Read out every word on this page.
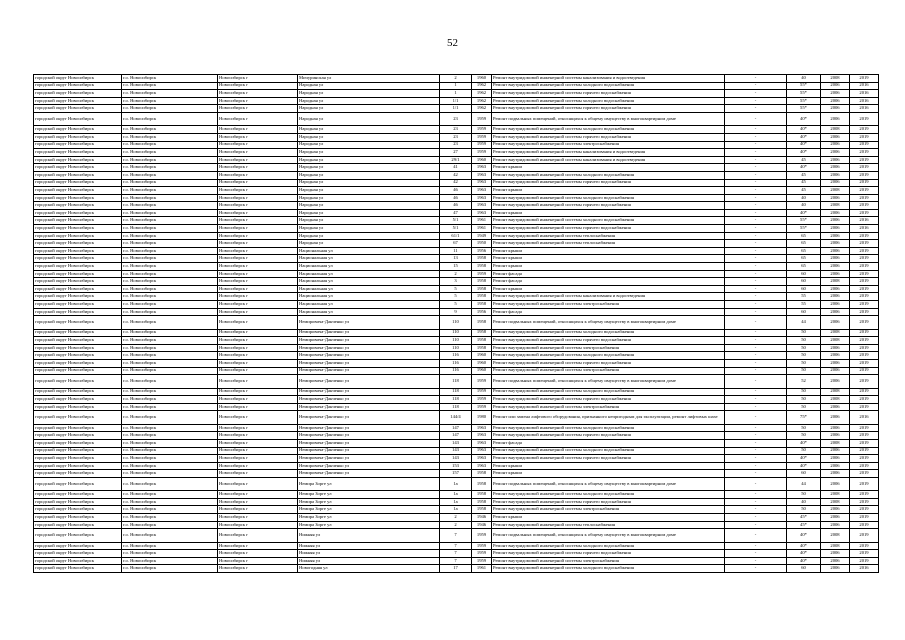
52
городской округ Новосибирск	г.о. Новосибирск	Новосибирск г	Мичуринская ул	2	1960	Ремонт внутридомовой инженерной системы канализования и водоотведения	-	40	2008	2019
городской округ Новосибирск	г.о. Новосибирск	Новосибирск г	Народная ул	1	1962	Ремонт внутридомовой инженерной системы холодного водоснабжения	-	55*	2006	2016
городской округ Новосибирск	г.о. Новосибирск	Новосибирск г	Народная ул	1	1962	Ремонт внутридомовой инженерной системы горячего водоснабжения	-	55*	2006	2016
городской округ Новосибирск	г.о. Новосибирск	Новосибирск г	Народная ул	1/1	1962	Ремонт внутридомовой инженерной системы холодного водоснабжения	-	55*	2006	2016
городской округ Новосибирск	г.о. Новосибирск	Новосибирск г	Народная ул	1/1	1962	Ремонт внутридомовой инженерной системы горячего водоснабжения	-	55*	2006	2016
городской округ Новосибирск	г.о. Новосибирск	Новосибирск г	Народная ул	23	1959	Ремонт подвальных помещений, относящихся к общему имуществу в многоквартирном доме	-	40*	2006	2019
городской округ Новосибирск	г.о. Новосибирск	Новосибирск г	Народная ул	23	1959	Ремонт внутридомовой инженерной системы холодного водоснабжения	-	40*	2008	2019
городской округ Новосибирск	г.о. Новосибирск	Новосибирск г	Народная ул	23	1959	Ремонт внутридомовой инженерной системы горячего водоснабжения	-	40*	2006	2019
городской округ Новосибирск	г.о. Новосибирск	Новосибирск г	Народная ул	23	1959	Ремонт внутридомовой инженерной системы электроснабжения	-	40*	2006	2019
городской округ Новосибирск	г.о. Новосибирск	Новосибирск г	Народная ул	27	1959	Ремонт внутридомовой инженерной системы канализования и водоотведения	-	40*	2006	2019
городской округ Новосибирск	г.о. Новосибирск	Новосибирск г	Народная ул	29/1	1960	Ремонт внутридомовой инженерной системы канализования и водоотведения	-	45	2006	2019
городской округ Новосибирск	г.о. Новосибирск	Новосибирск г	Народная ул	41	1963	Ремонт крыши	-	40*	2006	2019
городской округ Новосибирск	г.о. Новосибирск	Новосибирск г	Народная ул	42	1963	Ремонт внутридомовой инженерной системы холодного водоснабжения	-	45	2006	2019
городской округ Новосибирск	г.о. Новосибирск	Новосибирск г	Народная ул	42	1963	Ремонт внутридомовой инженерной системы горячего водоснабжения	-	45	2006	2019
городской округ Новосибирск	г.о. Новосибирск	Новосибирск г	Народная ул	46	1963	Ремонт крыши	-	45	2008	2019
городской округ Новосибирск	г.о. Новосибирск	Новосибирск г	Народная ул	46	1963	Ремонт внутридомовой инженерной системы холодного водоснабжения	-	40	2006	2019
городской округ Новосибирск	г.о. Новосибирск	Новосибирск г	Народная ул	46	1963	Ремонт внутридомовой инженерной системы горячего водоснабжения	-	40	2008	2019
городской округ Новосибирск	г.о. Новосибирск	Новосибирск г	Народная ул	47	1963	Ремонт крыши	-	40*	2006	2019
городской округ Новосибирск	г.о. Новосибирск	Новосибирск г	Народная ул	5/1	1961	Ремонт внутридомовой инженерной системы холодного водоснабжения	-	55*	2006	2016
городской округ Новосибирск	г.о. Новосибирск	Новосибирск г	Народная ул	5/1	1961	Ремонт внутридомовой инженерной системы горячего водоснабжения	-	55*	2006	2016
городской округ Новосибирск	г.о. Новосибирск	Новосибирск г	Народная ул	61/1	1949	Ремонт внутридомовой инженерной системы теплоснабжения	-	65	2006	2019
городской округ Новосибирск	г.о. Новосибирск	Новосибирск г	Народная ул	67	1950	Ремонт внутридомовой инженерной системы теплоснабжения	-	65	2006	2019
городской округ Новосибирск	г.о. Новосибирск	Новосибирск г	Национальная ул	11	1956	Ремонт крыши	-	65	2006	2019
городской округ Новосибирск	г.о. Новосибирск	Новосибирск г	Национальная ул	13	1958	Ремонт крыши	-	65	2006	2019
городской округ Новосибирск	г.о. Новосибирск	Новосибирск г	Национальная ул	15	1958	Ремонт крыши	-	65	2006	2019
городской округ Новосибирск	г.о. Новосибирск	Новосибирск г	Национальная ул	2	1959	Ремонт фасада	-	60	2006	2019
городской округ Новосибирск	г.о. Новосибирск	Новосибирск г	Национальная ул	3	1958	Ремонт фасада	-	60	2008	2019
городской округ Новосибирск	г.о. Новосибирск	Новосибирск г	Национальная ул	5	1958	Ремонт крыши	-	60	2006	2019
городской округ Новосибирск	г.о. Новосибирск	Новосибирск г	Национальная ул	5	1958	Ремонт внутридомовой инженерной системы канализования и водоотведения	-	55	2006	2019
городской округ Новосибирск	г.о. Новосибирск	Новосибирск г	Национальная ул	5	1958	Ремонт внутридомовой инженерной системы электроснабжения	-	55	2006	2019
городской округ Новосибирск	г.о. Новосибирск	Новосибирск г	Национальная ул	9	1956	Ремонт фасада	-	60	2006	2019
городской округ Новосибирск	г.о. Новосибирск	Новосибирск г	Немировича-Данченко ул	110	1958	Ремонт подвальных помещений, относящихся к общему имуществу в многоквартирном доме	-	44	2006	2019
городской округ Новосибирск	г.о. Новосибирск	Новосибирск г	Немировича-Данченко ул	110	1958	Ремонт внутридомовой инженерной системы холодного водоснабжения	-	50	2008	2019
городской округ Новосибирск	г.о. Новосибирск	Новосибирск г	Немировича-Данченко ул	110	1958	Ремонт внутридомовой инженерной системы горячего водоснабжения	-	50	2008	2019
городской округ Новосибирск	г.о. Новосибирск	Новосибирск г	Немировича-Данченко ул	110	1958	Ремонт внутридомовой инженерной системы электроснабжения	-	50	2006	2019
городской округ Новосибирск	г.о. Новосибирск	Новосибирск г	Немировича-Данченко ул	116	1960	Ремонт внутридомовой инженерной системы холодного водоснабжения	-	50	2006	2019
городской округ Новосибирск	г.о. Новосибирск	Новосибирск г	Немировича-Данченко ул	116	1960	Ремонт внутридомовой инженерной системы горячего водоснабжения	-	50	2006	2019
городской округ Новосибирск	г.о. Новосибирск	Новосибирск г	Немировича-Данченко ул	116	1960	Ремонт внутридомовой инженерной системы электроснабжения	-	50	2006	2019
городской округ Новосибирск	г.о. Новосибирск	Новосибирск г	Немировича-Данченко ул	118	1959	Ремонт подвальных помещений, относящихся к общему имуществу в многоквартирном доме	-	52	2006	2019
городской округ Новосибирск	г.о. Новосибирск	Новосибирск г	Немировича-Данченко ул	118	1959	Ремонт внутридомовой инженерной системы холодного водоснабжения	-	50	2008	2019
городской округ Новосибирск	г.о. Новосибирск	Новосибирск г	Немировича-Данченко ул	118	1959	Ремонт внутридомовой инженерной системы горячего водоснабжения	-	50	2008	2019
городской округ Новосибирск	г.о. Новосибирск	Новосибирск г	Немировича-Данченко ул	118	1959	Ремонт внутридомовой инженерной системы электроснабжения	-	50	2006	2019
городской округ Новосибирск	г.о. Новосибирск	Новосибирск г	Немировича-Данченко ул	144/4	1980	Ремонт или замена лифтового оборудования, признанного непригодным для эксплуатации, ремонт лифтовых шахт	-	75*	2006	2016
городской округ Новосибирск	г.о. Новосибирск	Новосибирск г	Немировича-Данченко ул	147	1963	Ремонт внутридомовой инженерной системы холодного водоснабжения	-	50	2006	2019
городской округ Новосибирск	г.о. Новосибирск	Новосибирск г	Немировича-Данченко ул	147	1963	Ремонт внутридомовой инженерной системы горячего водоснабжения	-	50	2006	2019
городской округ Новосибирск	г.о. Новосибирск	Новосибирск г	Немировича-Данченко ул	143	1963	Ремонт фасада	-	40*	2008	2019
городской округ Новосибирск	г.о. Новосибирск	Новосибирск г	Немировича-Данченко ул	143	1963	Ремонт внутридомовой инженерной системы холодного водоснабжения	-	50	2006	2019
городской округ Новосибирск	г.о. Новосибирск	Новосибирск г	Немировича-Данченко ул	143	1963	Ремонт внутридомовой инженерной системы горячего водоснабжения	-	40*	2006	2019
городской округ Новосибирск	г.о. Новосибирск	Новосибирск г	Немировича-Данченко ул	153	1963	Ремонт крыши	-	40*	2006	2019
городской округ Новосибирск	г.о. Новосибирск	Новосибирск г	Немировича-Данченко ул	157	1958	Ремонт крыши	-	60	2006	2019
городской округ Новосибирск	г.о. Новосибирск	Новосибирск г	Немира Зорге ул	1а	1958	Ремонт подвальных помещений, относящихся к общему имуществу в многоквартирном доме	-	44	2006	2019
городской округ Новосибирск	г.о. Новосибирск	Новосибирск г	Немира Зорге ул	1а	1958	Ремонт внутридомовой инженерной системы холодного водоснабжения	-	50	2008	2019
городской округ Новосибирск	г.о. Новосибирск	Новосибирск г	Немира Зорге ул	1а	1958	Ремонт внутридомовой инженерной системы горячего водоснабжения	-	40	2008	2019
городской округ Новосибирск	г.о. Новосибирск	Новосибирск г	Немира Зорге ул	1а	1958	Ремонт внутридомовой инженерной системы электроснабжения	-	50	2006	2019
городской округ Новосибирск	г.о. Новосибирск	Новосибирск г	Немира Зорге ул	2	1946	Ремонт крыши	-	45*	2006	2019
городской округ Новосибирск	г.о. Новосибирск	Новосибирск г	Немира Зорге ул	2	1946	Ремонт внутридомовой инженерной системы теплоснабжения	-	45*	2006	2019
городской округ Новосибирск	г.о. Новосибирск	Новосибирск г	Нижняя ул	7	1959	Ремонт подвальных помещений, относящихся к общему имуществу в многоквартирном доме	-	40*	2008	2019
городской округ Новосибирск	г.о. Новосибирск	Новосибирск г	Нижняя ул	7	1959	Ремонт внутридомовой инженерной системы холодного водоснабжения	-	40*	2008	2019
городской округ Новосибирск	г.о. Новосибирск	Новосибирск г	Нижняя ул	7	1959	Ремонт внутридомовой инженерной системы горячего водоснабжения	-	40*	2006	2019
городской округ Новосибирск	г.о. Новосибирск	Новосибирск г	Нижняя ул	7	1959	Ремонт внутридомовой инженерной системы электроснабжения	-	40*	2006	2019
городской округ Новосибирск	г.о. Новосибирск	Новосибирск г	Новогодняя ул	17	1961	Ремонт внутридомовой инженерной системы холодного водоснабжения	-	60	2006	2016
